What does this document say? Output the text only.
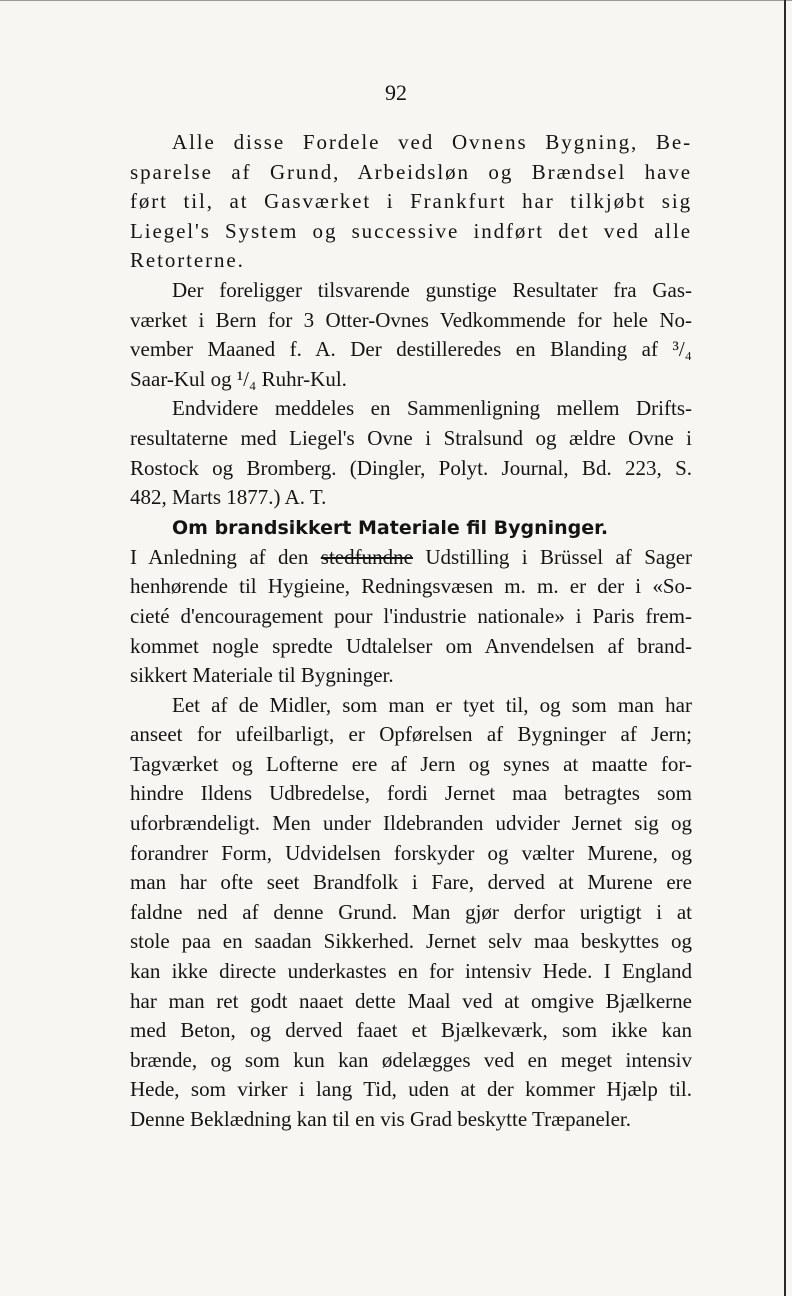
92
Alle disse Fordele ved Ovnens Bygning, Be-
sparelse af Grund, Arbeidsløn og Brændsel have
ført til, at Gasværket i Frankfurt har tilkjøbt sig
Liegel's System og successive indført det ved alle
Retorterne.
Der foreligger tilsvarende gunstige Resultater fra Gas-
værket i Bern for 3 Otter-Ovnes Vedkommende for hele No-
vember Maaned f. A. Der destilleredes en Blanding af ³/₄
Saar-Kul og ¹/₄ Ruhr-Kul.
Endvidere meddeles en Sammenligning mellem Drifts-
resultaterne med Liegel's Ovne i Stralsund og ældre Ovne i
Rostock og Bromberg. (Dingler, Polyt. Journal, Bd. 223, S.
482, Marts 1877.) A. T.
Om brandsikkert Materiale fil Bygninger.
I Anledning af den stedfundne Udstilling i Brüssel af Sager
henhørende til Hygieine, Redningsvæsen m. m. er der i «So-
cieté d'encouragement pour l'industrie nationale» i Paris frem-
kommet nogle spredte Udtalelser om Anvendelsen af brand-
sikkert Materiale til Bygninger.
Eet af de Midler, som man er tyet til, og som man har
anseet for ufeilbarligt, er Opførelsen af Bygninger af Jern;
Tagværket og Lofterne ere af Jern og synes at maatte for-
hindre Ildens Udbredelse, fordi Jernet maa betragtes som
uforbrændeligt. Men under Ildebranden udvider Jernet sig og
forandrer Form, Udvidelsen forskyder og vælter Murene, og
man har ofte seet Brandfolk i Fare, derved at Murene ere
faldne ned af denne Grund. Man gjør derfor urigtigt i at
stole paa en saadan Sikkerhed. Jernet selv maa beskyttes og
kan ikke directe underkastes en for intensiv Hede. I England
har man ret godt naaet dette Maal ved at omgive Bjælkerne
med Beton, og derved faaet et Bjælkeværk, som ikke kan
brænde, og som kun kan ødelægges ved en meget intensiv
Hede, som virker i lang Tid, uden at der kommer Hjælp til.
Denne Beklædning kan til en vis Grad beskytte Træpaneler.
